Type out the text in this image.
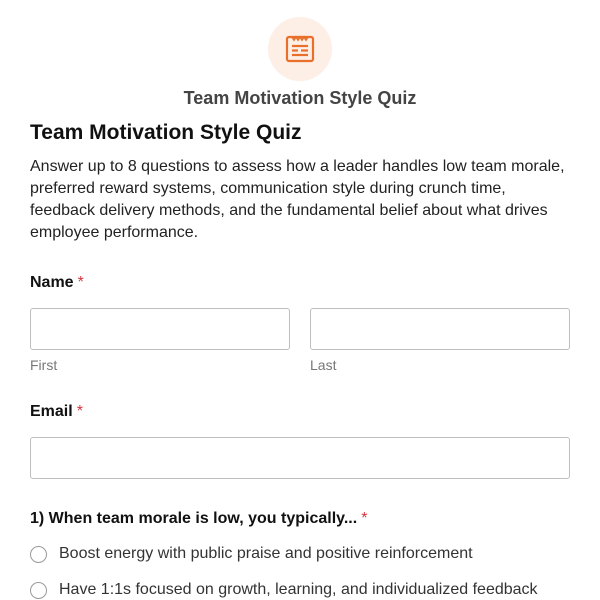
Team Motivation Style Quiz
Team Motivation Style Quiz

Answer up to 8 questions to assess how a leader handles low team morale, preferred reward systems, communication style during crunch time, feedback delivery methods, and the fundamental belief about what drives employee performance.

Name *
First	Last
Email *
1) When team morale is low, you typically... *
Boost energy with public praise and positive reinforcement
Have 1:1s focused on growth, learning, and individualized feedback
